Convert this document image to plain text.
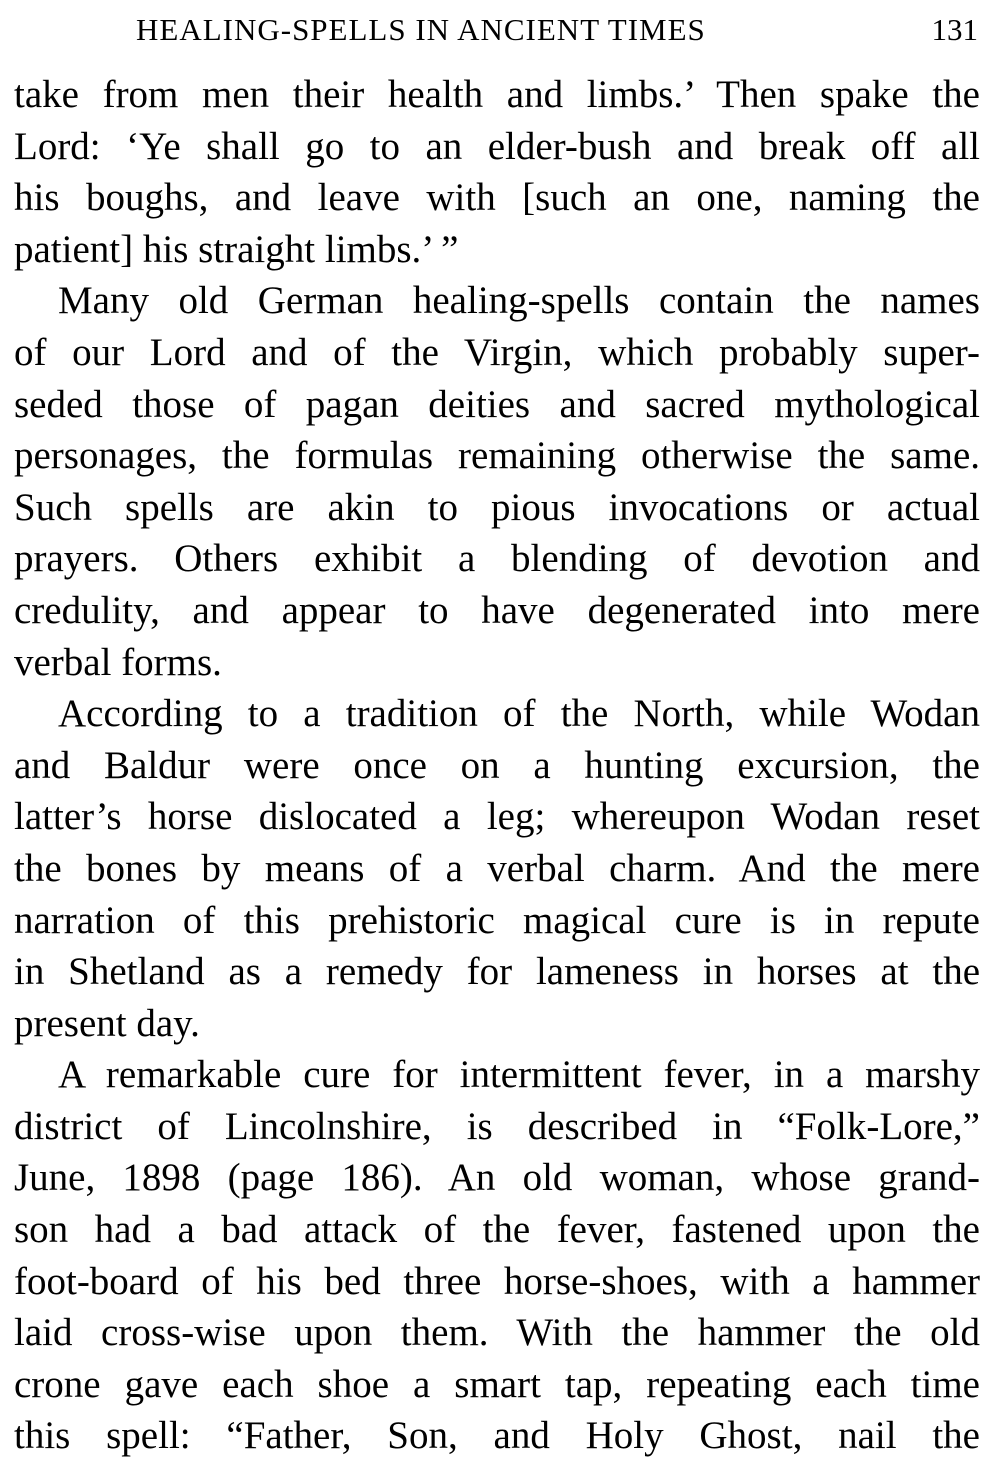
HEALING-SPELLS IN ANCIENT TIMES	131
take from men their health and limbs.’ Then spake the
Lord: ‘Ye shall go to an elder-bush and break off all
his boughs, and leave with [such an one, naming the
patient] his straight limbs.’ ”
Many old German healing-spells contain the names
of our Lord and of the Virgin, which probably super-
seded those of pagan deities and sacred mythological
personages, the formulas remaining otherwise the same.
Such spells are akin to pious invocations or actual
prayers. Others exhibit a blending of devotion and
credulity, and appear to have degenerated into mere
verbal forms.
According to a tradition of the North, while Wodan
and Baldur were once on a hunting excursion, the
latter’s horse dislocated a leg; whereupon Wodan reset
the bones by means of a verbal charm. And the mere
narration of this prehistoric magical cure is in repute
in Shetland as a remedy for lameness in horses at the
present day.
A remarkable cure for intermittent fever, in a marshy
district of Lincolnshire, is described in “Folk-Lore,”
June, 1898 (page 186). An old woman, whose grand-
son had a bad attack of the fever, fastened upon the
foot-board of his bed three horse-shoes, with a hammer
laid cross-wise upon them. With the hammer the old
crone gave each shoe a smart tap, repeating each time
this spell: “Father, Son, and Holy Ghost, nail the
